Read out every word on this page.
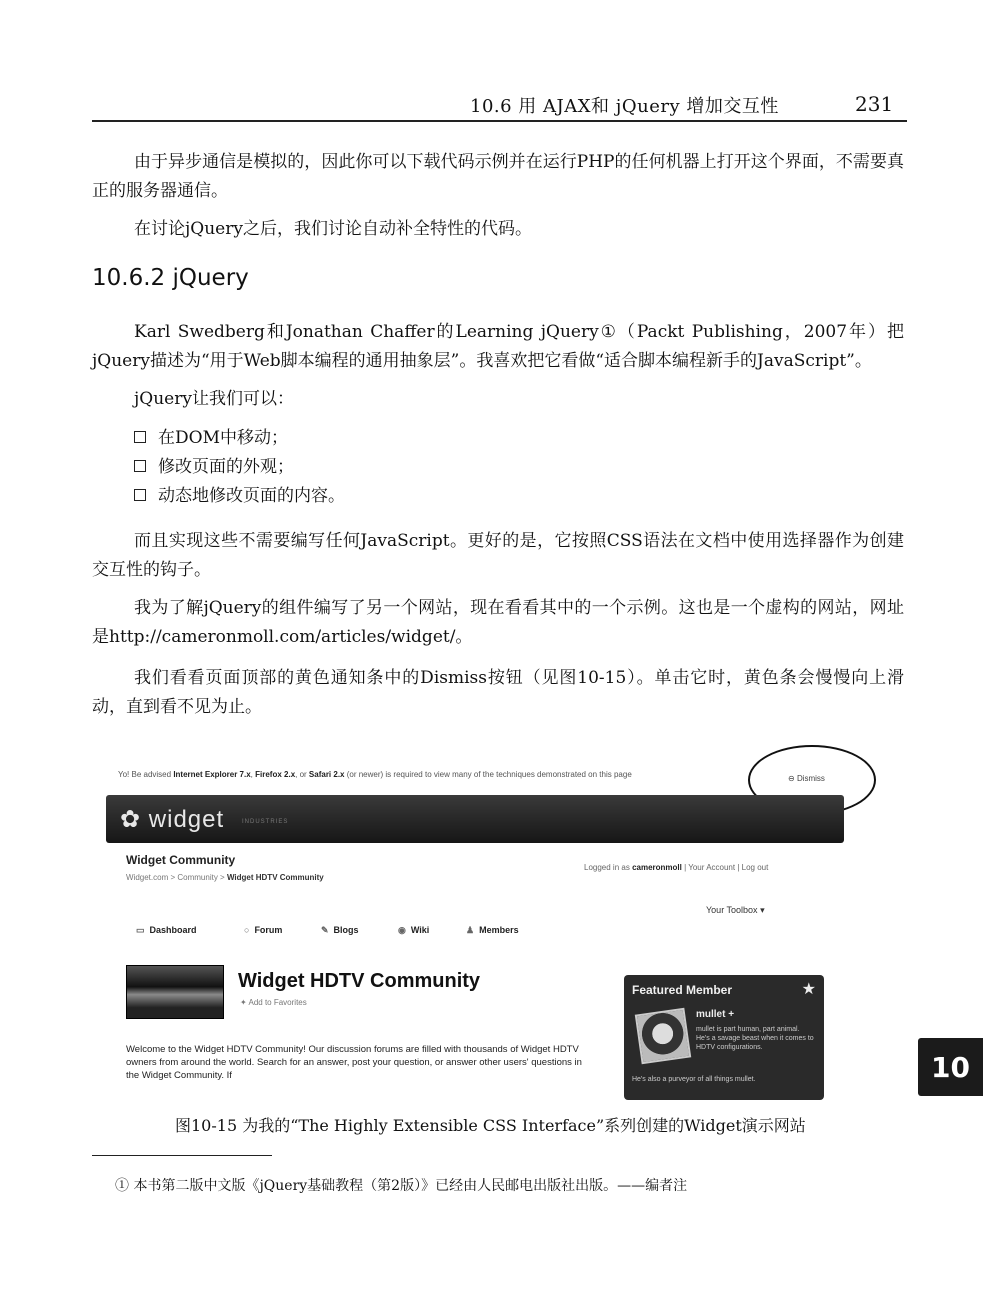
10.6 用 AJAX和 jQuery 增加交互性	231
由于异步通信是模拟的，因此你可以下载代码示例并在运行PHP的任何机器上打开这个界面，不需要真正的服务器通信。
在讨论jQuery之后，我们讨论自动补全特性的代码。
10.6.2 jQuery
Karl Swedberg和Jonathan Chaffer的Learning jQuery①（Packt Publishing，2007年）把jQuery描述为“用于Web脚本编程的通用抽象层”。我喜欢把它看做“适合脚本编程新手的JavaScript”。
jQuery让我们可以：
在DOM中移动；
修改页面的外观；
动态地修改页面的内容。
而且实现这些不需要编写任何JavaScript。更好的是，它按照CSS语法在文档中使用选择器作为创建交互性的钩子。
我为了解jQuery的组件编写了另一个网站，现在看看其中的一个示例。这也是一个虚构的网站，网址是http://cameronmoll.com/articles/widget/。
我们看看页面顶部的黄色通知条中的Dismiss按钮（见图10-15）。单击它时，黄色条会慢慢向上滑动，直到看不见为止。
Yo! Be advised Internet Explorer 7.x, Firefox 2.x, or Safari 2.x (or newer) is required to view many of the techniques demonstrated on this page	⊖ Dismiss
✿ widget	INDUSTRIES
Widget Community
Widget.com > Community > Widget HDTV Community
Logged in as cameronmoll | Your Account | Log out
Your Toolbox ▾
▭ Dashboard	○ Forum	✎ Blogs	◉ Wiki	♟ Members
Widget HDTV Community
✦ Add to Favorites
Welcome to the Widget HDTV Community! Our discussion forums are filled with thousands of Widget HDTV owners from around the world. Search for an answer, post your question, or answer other users' questions in the Widget Community. If
Featured Member	★
mullet +
mullet is part human, part animal. He's a savage beast when it comes to HDTV configurations.
He's also a purveyor of all things mullet.
图10-15 为我的“The Highly Extensible CSS Interface”系列创建的Widget演示网站
① 本书第二版中文版《jQuery基础教程（第2版）》已经由人民邮电出版社出版。——编者注
10
